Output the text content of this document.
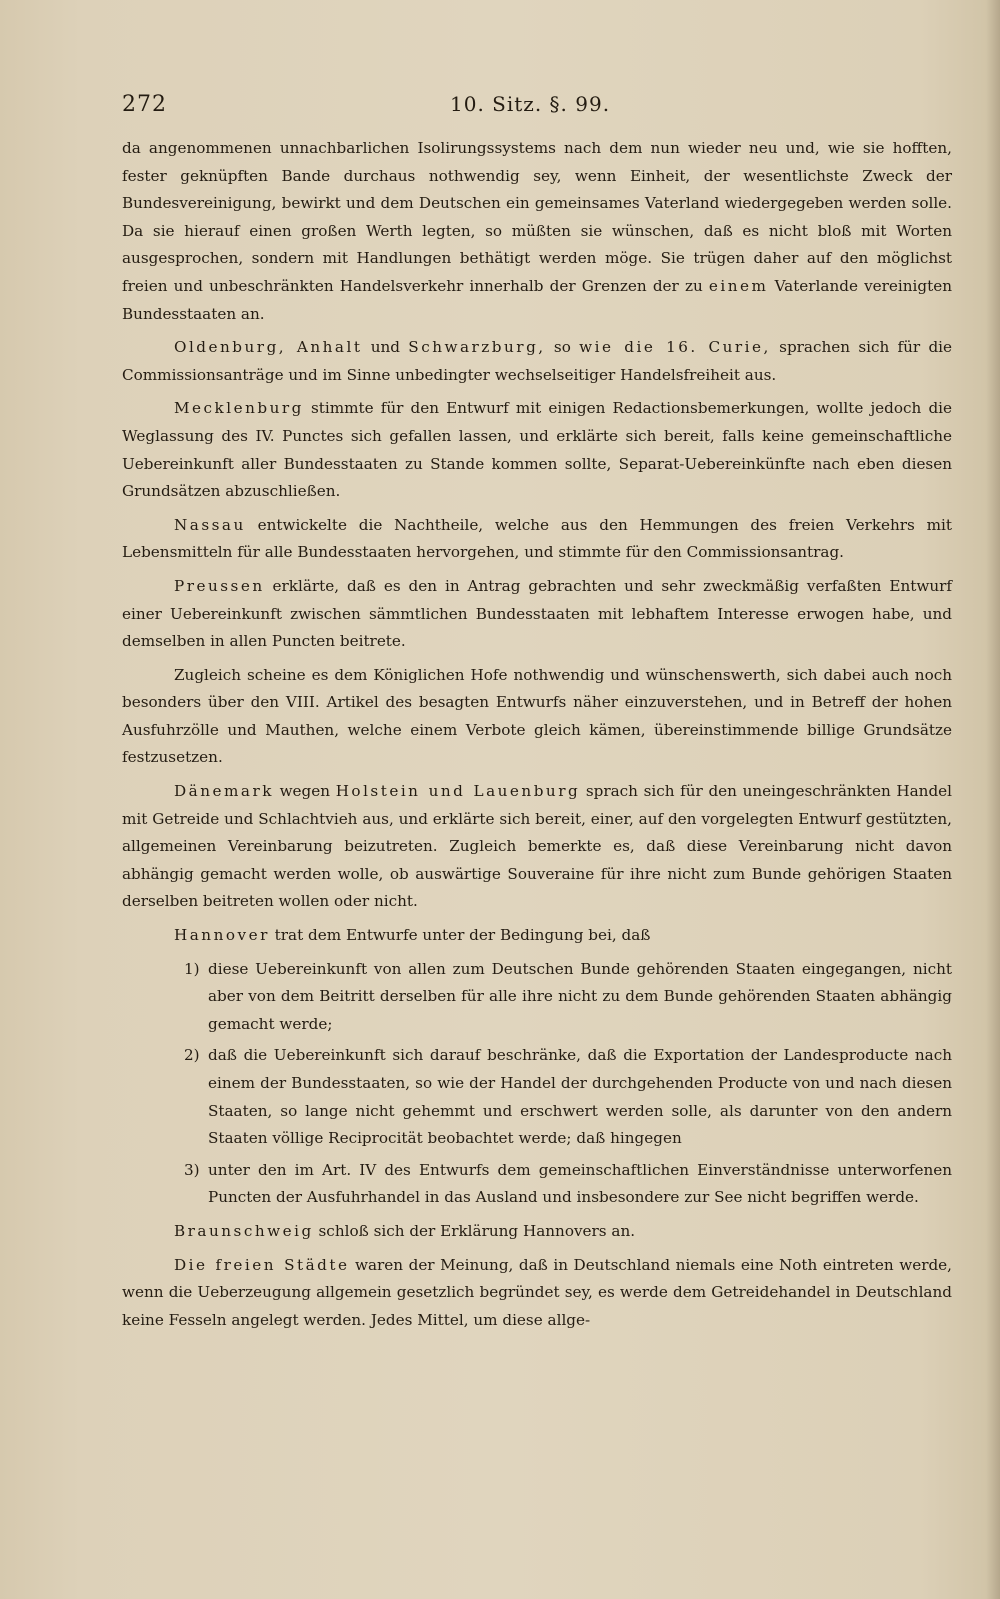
272	10. Sitz. §. 99.

da angenommenen unnachbarlichen Isolirungssystems nach dem nun wieder neu und, wie sie hofften, fester geknüpften Bande durchaus nothwendig sey, wenn Einheit, der wesentlichste Zweck der Bundesvereinigung, bewirkt und dem Deutschen ein gemeinsames Vaterland wiedergegeben werden solle. Da sie hierauf einen großen Werth legten, so müßten sie wünschen, daß es nicht bloß mit Worten ausgesprochen, sondern mit Handlungen bethätigt werden möge. Sie trügen daher auf den möglichst freien und unbeschränkten Handelsverkehr innerhalb der Grenzen der zu einem Vaterlande vereinigten Bundesstaaten an.

Oldenburg, Anhalt und Schwarzburg, so wie die 16. Curie, sprachen sich für die Commissionsanträge und im Sinne unbedingter wechselseitiger Handelsfreiheit aus.

Mecklenburg stimmte für den Entwurf mit einigen Redactionsbemerkungen, wollte jedoch die Weglassung des IV. Punctes sich gefallen lassen, und erklärte sich bereit, falls keine gemeinschaftliche Uebereinkunft aller Bundesstaaten zu Stande kommen sollte, Separat-Uebereinkünfte nach eben diesen Grundsätzen abzuschließen.

Nassau entwickelte die Nachtheile, welche aus den Hemmungen des freien Verkehrs mit Lebensmitteln für alle Bundesstaaten hervorgehen, und stimmte für den Commissionsantrag.

Preussen erklärte, daß es den in Antrag gebrachten und sehr zweckmäßig verfaßten Entwurf einer Uebereinkunft zwischen sämmtlichen Bundesstaaten mit lebhaftem Interesse erwogen habe, und demselben in allen Puncten beitrete.

Zugleich scheine es dem Königlichen Hofe nothwendig und wünschenswerth, sich dabei auch noch besonders über den VIII. Artikel des besagten Entwurfs näher einzuverstehen, und in Betreff der hohen Ausfuhrzölle und Mauthen, welche einem Verbote gleich kämen, übereinstimmende billige Grundsätze festzusetzen.

Dänemark wegen Holstein und Lauenburg sprach sich für den uneingeschränkten Handel mit Getreide und Schlachtvieh aus, und erklärte sich bereit, einer, auf den vorgelegten Entwurf gestützten, allgemeinen Vereinbarung beizutreten. Zugleich bemerkte es, daß diese Vereinbarung nicht davon abhängig gemacht werden wolle, ob auswärtige Souveraine für ihre nicht zum Bunde gehörigen Staaten derselben beitreten wollen oder nicht.

Hannover trat dem Entwurfe unter der Bedingung bei, daß

1) diese Uebereinkunft von allen zum Deutschen Bunde gehörenden Staaten eingegangen, nicht aber von dem Beitritt derselben für alle ihre nicht zu dem Bunde gehörenden Staaten abhängig gemacht werde;
2) daß die Uebereinkunft sich darauf beschränke, daß die Exportation der Landesproducte nach einem der Bundesstaaten, so wie der Handel der durchgehenden Producte von und nach diesen Staaten, so lange nicht gehemmt und erschwert werden solle, als darunter von den andern Staaten völlige Reciprocität beobachtet werde; daß hingegen
3) unter den im Art. IV des Entwurfs dem gemeinschaftlichen Einverständnisse unterworfenen Puncten der Ausfuhrhandel in das Ausland und insbesondere zur See nicht begriffen werde.

Braunschweig schloß sich der Erklärung Hannovers an.

Die freien Städte waren der Meinung, daß in Deutschland niemals eine Noth eintreten werde, wenn die Ueberzeugung allgemein gesetzlich begründet sey, es werde dem Getreidehandel in Deutschland keine Fesseln angelegt werden. Jedes Mittel, um diese allge-
